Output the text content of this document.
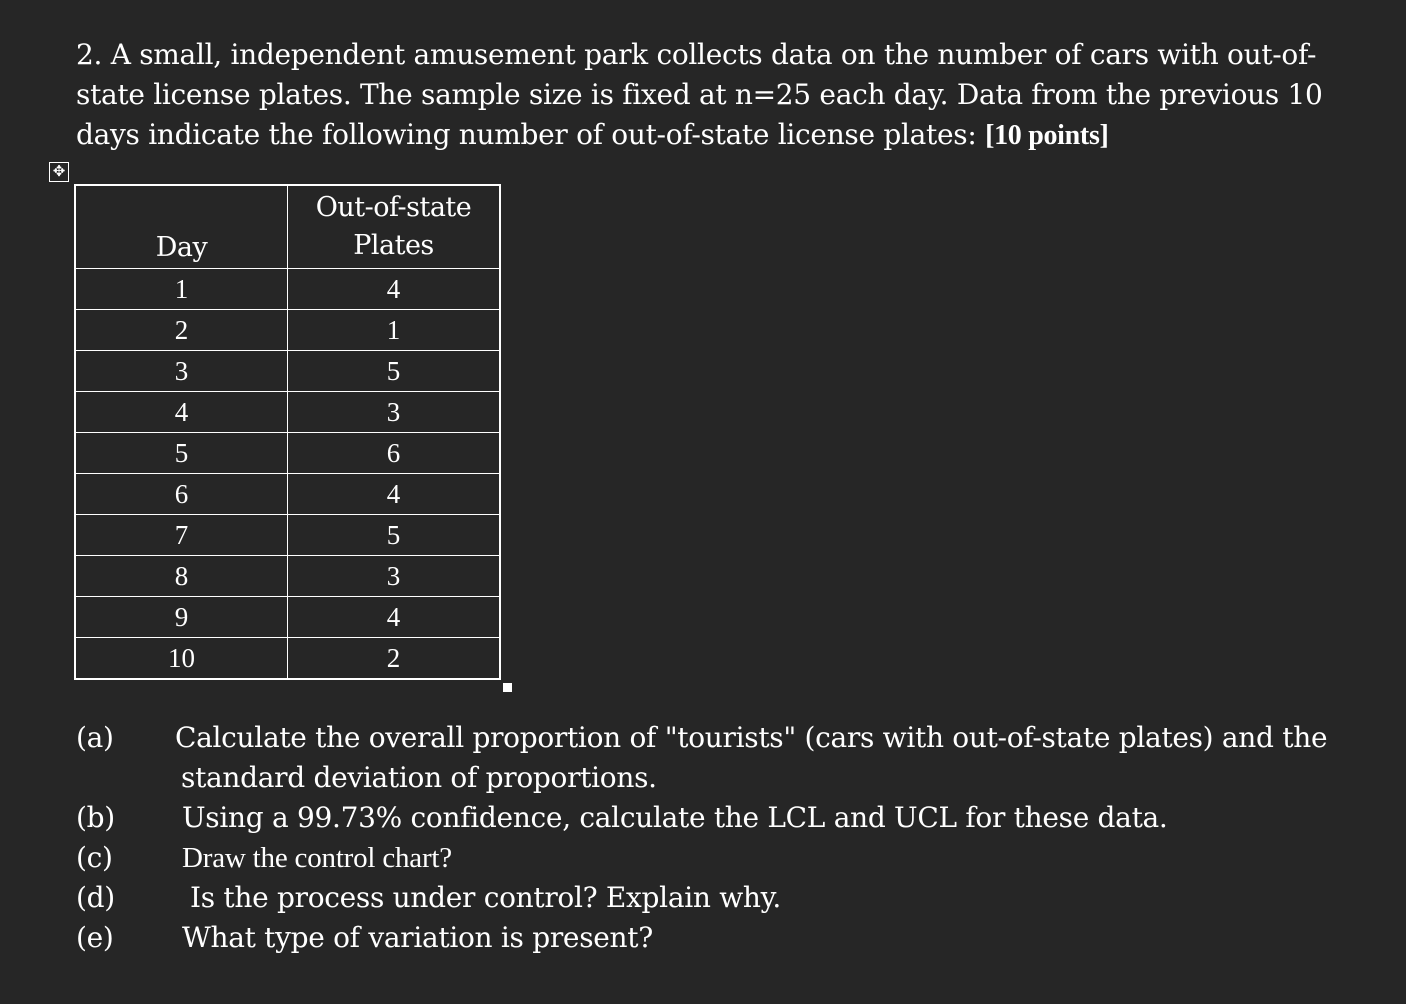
2. A small, independent amusement park collects data on the number of cars with out-of-state license plates. The sample size is fixed at n=25 each day. Data from the previous 10 days indicate the following number of out-of-state license plates: [10 points]
✥
Day	Out-of-state
Plates
1	4
2	1
3	5
4	3
5	6
6	4
7	5
8	3
9	4
10	2
(a) Calculate the overall proportion of "tourists" (cars with out-of-state plates) and the
standard deviation of proportions.
(b) Using a 99.73% confidence, calculate the LCL and UCL for these data.
(c) Draw the control chart?
(d)	Is the process under control? Explain why.
(e) What type of variation is present?
